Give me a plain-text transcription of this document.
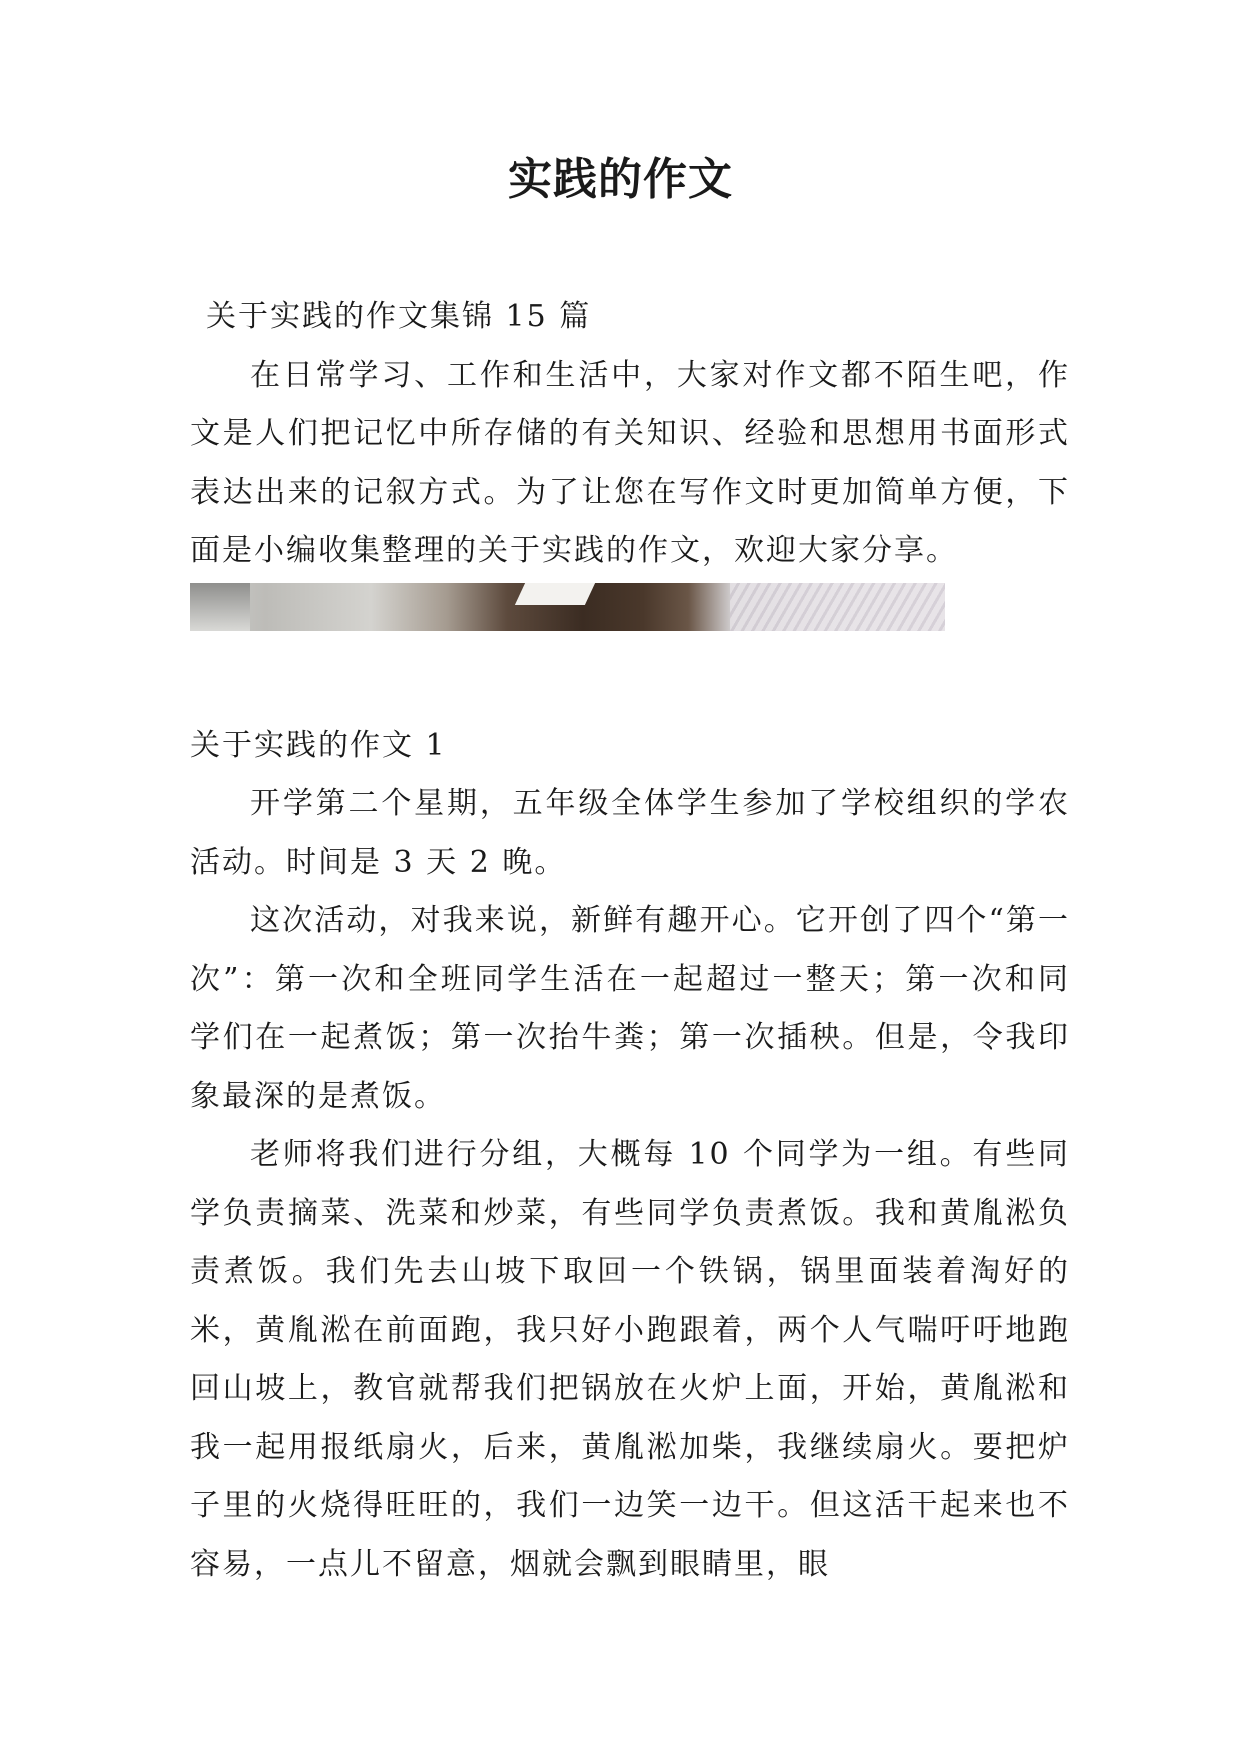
实践的作文

关于实践的作文集锦 15 篇

在日常学习、工作和生活中，大家对作文都不陌生吧，作文是人们把记忆中所存储的有关知识、经验和思想用书面形式表达出来的记叙方式。为了让您在写作文时更加简单方便，下面是小编收集整理的关于实践的作文，欢迎大家分享。

关于实践的作文 1

开学第二个星期，五年级全体学生参加了学校组织的学农活动。时间是 3 天 2 晚。

这次活动，对我来说，新鲜有趣开心。它开创了四个“第一次”：第一次和全班同学生活在一起超过一整天；第一次和同学们在一起煮饭；第一次抬牛粪；第一次插秧。但是，令我印象最深的是煮饭。

老师将我们进行分组，大概每 10 个同学为一组。有些同学负责摘菜、洗菜和炒菜，有些同学负责煮饭。我和黄胤淞负责煮饭。我们先去山坡下取回一个铁锅，锅里面装着淘好的米，黄胤淞在前面跑，我只好小跑跟着，两个人气喘吁吁地跑回山坡上，教官就帮我们把锅放在火炉上面，开始，黄胤淞和我一起用报纸扇火，后来，黄胤淞加柴，我继续扇火。要把炉子里的火烧得旺旺的，我们一边笑一边干。但这活干起来也不容易，一点儿不留意，烟就会飘到眼睛里，眼
